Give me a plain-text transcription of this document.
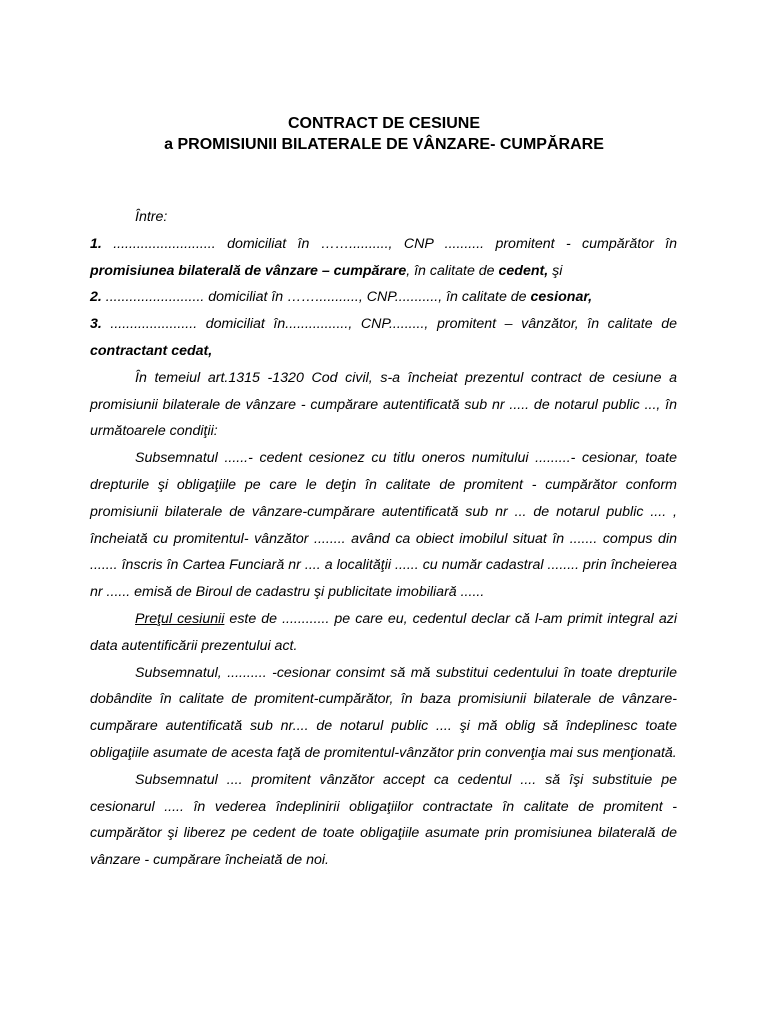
CONTRACT DE CESIUNE
a PROMISIUNII BILATERALE DE VÂNZARE- CUMPĂRARE

Între:

1. .......................... domiciliat în …….........., CNP .......... promitent - cumpărător în promisiunea bilaterală de vânzare – cumpărare, în calitate de cedent, şi

2. ......................... domiciliat în ……..........., CNP..........., în calitate de cesionar,

3. ...................... domiciliat în................, CNP........., promitent – vânzător, în calitate de contractant cedat,

În temeiul art.1315 -1320 Cod civil, s-a încheiat prezentul contract de cesiune a promisiunii bilaterale de vânzare - cumpărare autentificată sub nr ..... de notarul public ..., în următoarele condiţii:

Subsemnatul ......- cedent cesionez cu titlu oneros numitului .........- cesionar, toate drepturile şi obligaţiile pe care le deţin în calitate de promitent - cumpărător conform promisiunii bilaterale de vânzare-cumpărare autentificată sub nr ... de notarul public .... , încheiată cu promitentul- vânzător ........ având ca obiect imobilul situat în ....... compus din ....... înscris în Cartea Funciară nr .... a localităţii ...... cu număr cadastral ........ prin încheierea nr ...... emisă de Biroul de cadastru şi publicitate imobiliară ......

Preţul cesiunii este de ............ pe care eu, cedentul declar că l-am primit integral azi data autentificării prezentului act.

Subsemnatul, .......... -cesionar consimt să mă substitui cedentului în toate drepturile dobândite în calitate de promitent-cumpărător, în baza promisiunii bilaterale de vânzare-cumpărare autentificată sub nr.... de notarul public .... şi mă oblig să îndeplinesc toate obligaţiile asumate de acesta faţă de promitentul-vânzător prin convenţia mai sus menţionată.

Subsemnatul .... promitent vânzător accept ca cedentul .... să îşi substituie pe cesionarul ..... în vederea îndeplinirii obligaţiilor contractate în calitate de promitent - cumpărător şi liberez pe cedent de toate obligaţiile asumate prin promisiunea bilaterală de vânzare - cumpărare încheiată de noi.
